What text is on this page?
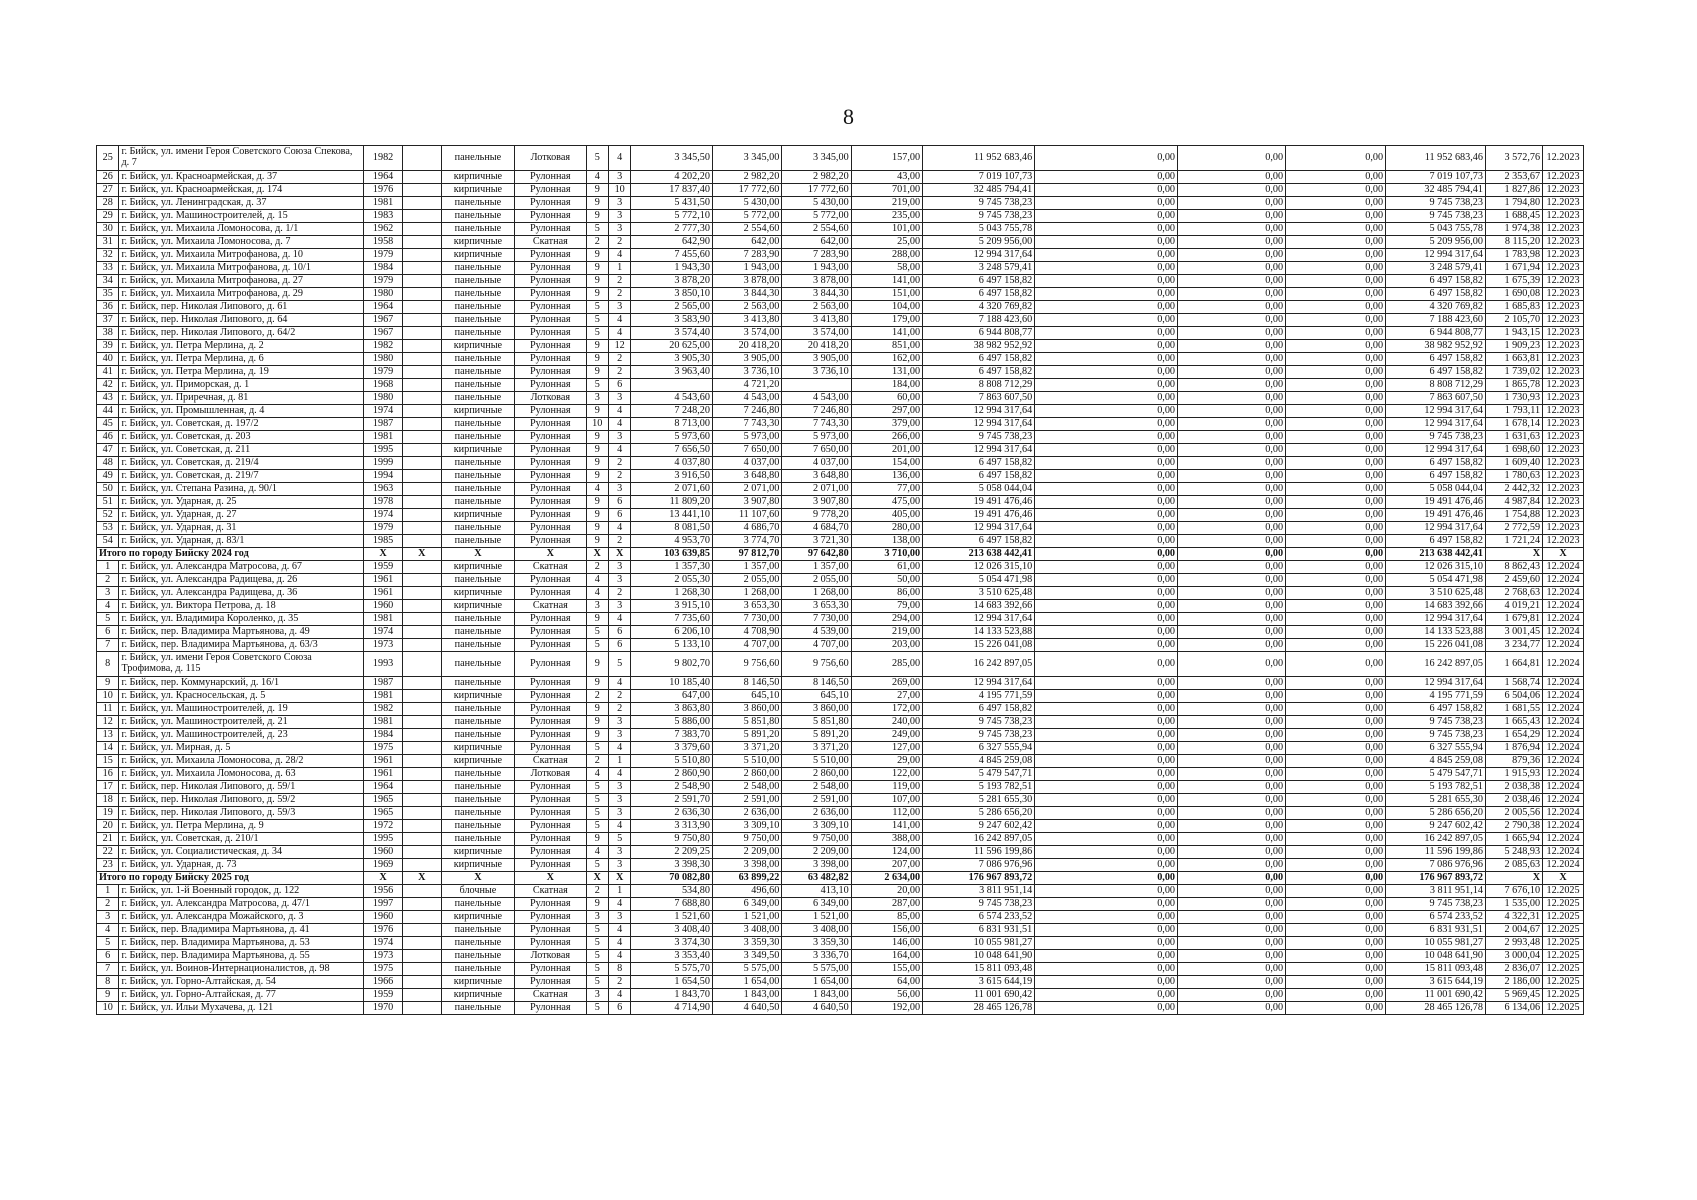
8
25	г. Бийск, ул. имени Героя Советского Союза Спекова, д. 7	1982		панельные	Лотковая	5	4	3 345,50	3 345,00	3 345,00	157,00	11 952 683,46	0,00	0,00	0,00	11 952 683,46	3 572,76	12.2023
26	г. Бийск, ул. Красноармейская, д. 37	1964		кирпичные	Рулонная	4	3	4 202,20	2 982,20	2 982,20	43,00	7 019 107,73	0,00	0,00	0,00	7 019 107,73	2 353,67	12.2023
27	г. Бийск, ул. Красноармейская, д. 174	1976		кирпичные	Рулонная	9	10	17 837,40	17 772,60	17 772,60	701,00	32 485 794,41	0,00	0,00	0,00	32 485 794,41	1 827,86	12.2023
28	г. Бийск, ул. Ленинградская, д. 37	1981		панельные	Рулонная	9	3	5 431,50	5 430,00	5 430,00	219,00	9 745 738,23	0,00	0,00	0,00	9 745 738,23	1 794,80	12.2023
29	г. Бийск, ул. Машиностроителей, д. 15	1983		панельные	Рулонная	9	3	5 772,10	5 772,00	5 772,00	235,00	9 745 738,23	0,00	0,00	0,00	9 745 738,23	1 688,45	12.2023
30	г. Бийск, ул. Михаила Ломоносова, д. 1/1	1962		панельные	Рулонная	5	3	2 777,30	2 554,60	2 554,60	101,00	5 043 755,78	0,00	0,00	0,00	5 043 755,78	1 974,38	12.2023
31	г. Бийск, ул. Михаила Ломоносова, д. 7	1958		кирпичные	Скатная	2	2	642,90	642,00	642,00	25,00	5 209 956,00	0,00	0,00	0,00	5 209 956,00	8 115,20	12.2023
32	г. Бийск, ул. Михаила Митрофанова, д. 10	1979		кирпичные	Рулонная	9	4	7 455,60	7 283,90	7 283,90	288,00	12 994 317,64	0,00	0,00	0,00	12 994 317,64	1 783,98	12.2023
33	г. Бийск, ул. Михаила Митрофанова, д. 10/1	1984		панельные	Рулонная	9	1	1 943,30	1 943,00	1 943,00	58,00	3 248 579,41	0,00	0,00	0,00	3 248 579,41	1 671,94	12.2023
34	г. Бийск, ул. Михаила Митрофанова, д. 27	1979		панельные	Рулонная	9	2	3 878,20	3 878,00	3 878,00	141,00	6 497 158,82	0,00	0,00	0,00	6 497 158,82	1 675,39	12.2023
35	г. Бийск, ул. Михаила Митрофанова, д. 29	1980		панельные	Рулонная	9	2	3 850,10	3 844,30	3 844,30	151,00	6 497 158,82	0,00	0,00	0,00	6 497 158,82	1 690,08	12.2023
36	г. Бийск, пер. Николая Липового, д. 61	1964		панельные	Рулонная	5	3	2 565,00	2 563,00	2 563,00	104,00	4 320 769,82	0,00	0,00	0,00	4 320 769,82	1 685,83	12.2023
37	г. Бийск, пер. Николая Липового, д. 64	1967		панельные	Рулонная	5	4	3 583,90	3 413,80	3 413,80	179,00	7 188 423,60	0,00	0,00	0,00	7 188 423,60	2 105,70	12.2023
38	г. Бийск, пер. Николая Липового, д. 64/2	1967		панельные	Рулонная	5	4	3 574,40	3 574,00	3 574,00	141,00	6 944 808,77	0,00	0,00	0,00	6 944 808,77	1 943,15	12.2023
39	г. Бийск, ул. Петра Мерлина, д. 2	1982		кирпичные	Рулонная	9	12	20 625,00	20 418,20	20 418,20	851,00	38 982 952,92	0,00	0,00	0,00	38 982 952,92	1 909,23	12.2023
40	г. Бийск, ул. Петра Мерлина, д. 6	1980		панельные	Рулонная	9	2	3 905,30	3 905,00	3 905,00	162,00	6 497 158,82	0,00	0,00	0,00	6 497 158,82	1 663,81	12.2023
41	г. Бийск, ул. Петра Мерлина, д. 19	1979		панельные	Рулонная	9	2	3 963,40	3 736,10	3 736,10	131,00	6 497 158,82	0,00	0,00	0,00	6 497 158,82	1 739,02	12.2023
42	г. Бийск, ул. Приморская, д. 1	1968		панельные	Рулонная	5	6		4 721,20		184,00	8 808 712,29	0,00	0,00	0,00	8 808 712,29	1 865,78	12.2023
43	г. Бийск, ул. Приречная, д. 81	1980		панельные	Лотковая	3	3	4 543,60	4 543,00	4 543,00	60,00	7 863 607,50	0,00	0,00	0,00	7 863 607,50	1 730,93	12.2023
44	г. Бийск, ул. Промышленная, д. 4	1974		кирпичные	Рулонная	9	4	7 248,20	7 246,80	7 246,80	297,00	12 994 317,64	0,00	0,00	0,00	12 994 317,64	1 793,11	12.2023
45	г. Бийск, ул. Советская, д. 197/2	1987		панельные	Рулонная	10	4	8 713,00	7 743,30	7 743,30	379,00	12 994 317,64	0,00	0,00	0,00	12 994 317,64	1 678,14	12.2023
46	г. Бийск, ул. Советская, д. 203	1981		панельные	Рулонная	9	3	5 973,60	5 973,00	5 973,00	266,00	9 745 738,23	0,00	0,00	0,00	9 745 738,23	1 631,63	12.2023
47	г. Бийск, ул. Советская, д. 211	1995		кирпичные	Рулонная	9	4	7 656,50	7 650,00	7 650,00	201,00	12 994 317,64	0,00	0,00	0,00	12 994 317,64	1 698,60	12.2023
48	г. Бийск, ул. Советская, д. 219/4	1999		панельные	Рулонная	9	2	4 037,80	4 037,00	4 037,00	154,00	6 497 158,82	0,00	0,00	0,00	6 497 158,82	1 609,40	12.2023
49	г. Бийск, ул. Советская, д. 219/7	1994		панельные	Рулонная	9	2	3 916,50	3 648,80	3 648,80	136,00	6 497 158,82	0,00	0,00	0,00	6 497 158,82	1 780,63	12.2023
50	г. Бийск, ул. Степана Разина, д. 90/1	1963		панельные	Рулонная	4	3	2 071,60	2 071,00	2 071,00	77,00	5 058 044,04	0,00	0,00	0,00	5 058 044,04	2 442,32	12.2023
51	г. Бийск, ул. Ударная, д. 25	1978		панельные	Рулонная	9	6	11 809,20	3 907,80	3 907,80	475,00	19 491 476,46	0,00	0,00	0,00	19 491 476,46	4 987,84	12.2023
52	г. Бийск, ул. Ударная, д. 27	1974		кирпичные	Рулонная	9	6	13 441,10	11 107,60	9 778,20	405,00	19 491 476,46	0,00	0,00	0,00	19 491 476,46	1 754,88	12.2023
53	г. Бийск, ул. Ударная, д. 31	1979		панельные	Рулонная	9	4	8 081,50	4 686,70	4 684,70	280,00	12 994 317,64	0,00	0,00	0,00	12 994 317,64	2 772,59	12.2023
54	г. Бийск, ул. Ударная, д. 83/1	1985		панельные	Рулонная	9	2	4 953,70	3 774,70	3 721,30	138,00	6 497 158,82	0,00	0,00	0,00	6 497 158,82	1 721,24	12.2023
Итого по городу Бийску 2024 год		X	X	X	X	X	X	103 639,85	97 812,70	97 642,80	3 710,00	213 638 442,41	0,00	0,00	0,00	213 638 442,41	X	X
1	г. Бийск, ул. Александра Матросова, д. 67	1959		кирпичные	Скатная	2	3	1 357,30	1 357,00	1 357,00	61,00	12 026 315,10	0,00	0,00	0,00	12 026 315,10	8 862,43	12.2024
2	г. Бийск, ул. Александра Радищева, д. 26	1961		панельные	Рулонная	4	3	2 055,30	2 055,00	2 055,00	50,00	5 054 471,98	0,00	0,00	0,00	5 054 471,98	2 459,60	12.2024
3	г. Бийск, ул. Александра Радищева, д. 36	1961		кирпичные	Рулонная	4	2	1 268,30	1 268,00	1 268,00	86,00	3 510 625,48	0,00	0,00	0,00	3 510 625,48	2 768,63	12.2024
4	г. Бийск, ул. Виктора Петрова, д. 18	1960		кирпичные	Скатная	3	3	3 915,10	3 653,30	3 653,30	79,00	14 683 392,66	0,00	0,00	0,00	14 683 392,66	4 019,21	12.2024
5	г. Бийск, ул. Владимира Короленко, д. 35	1981		панельные	Рулонная	9	4	7 735,60	7 730,00	7 730,00	294,00	12 994 317,64	0,00	0,00	0,00	12 994 317,64	1 679,81	12.2024
6	г. Бийск, пер. Владимира Мартьянова, д. 49	1974		панельные	Рулонная	5	6	6 206,10	4 708,90	4 539,00	219,00	14 133 523,88	0,00	0,00	0,00	14 133 523,88	3 001,45	12.2024
7	г. Бийск, пер. Владимира Мартьянова, д. 63/3	1973		панельные	Рулонная	5	6	5 133,10	4 707,00	4 707,00	203,00	15 226 041,08	0,00	0,00	0,00	15 226 041,08	3 234,77	12.2024
8	г. Бийск, ул. имени Героя Советского Союза Трофимова, д. 115	1993		панельные	Рулонная	9	5	9 802,70	9 756,60	9 756,60	285,00	16 242 897,05	0,00	0,00	0,00	16 242 897,05	1 664,81	12.2024
9	г. Бийск, пер. Коммунарский, д. 16/1	1987		панельные	Рулонная	9	4	10 185,40	8 146,50	8 146,50	269,00	12 994 317,64	0,00	0,00	0,00	12 994 317,64	1 568,74	12.2024
10	г. Бийск, ул. Красносельская, д. 5	1981		кирпичные	Рулонная	2	2	647,00	645,10	645,10	27,00	4 195 771,59	0,00	0,00	0,00	4 195 771,59	6 504,06	12.2024
11	г. Бийск, ул. Машиностроителей, д. 19	1982		панельные	Рулонная	9	2	3 863,80	3 860,00	3 860,00	172,00	6 497 158,82	0,00	0,00	0,00	6 497 158,82	1 681,55	12.2024
12	г. Бийск, ул. Машиностроителей, д. 21	1981		панельные	Рулонная	9	3	5 886,00	5 851,80	5 851,80	240,00	9 745 738,23	0,00	0,00	0,00	9 745 738,23	1 665,43	12.2024
13	г. Бийск, ул. Машиностроителей, д. 23	1984		панельные	Рулонная	9	3	7 383,70	5 891,20	5 891,20	249,00	9 745 738,23	0,00	0,00	0,00	9 745 738,23	1 654,29	12.2024
14	г. Бийск, ул. Мирная, д. 5	1975		кирпичные	Рулонная	5	4	3 379,60	3 371,20	3 371,20	127,00	6 327 555,94	0,00	0,00	0,00	6 327 555,94	1 876,94	12.2024
15	г. Бийск, ул. Михаила Ломоносова, д. 28/2	1961		кирпичные	Скатная	2	1	5 510,80	5 510,00	5 510,00	29,00	4 845 259,08	0,00	0,00	0,00	4 845 259,08	879,36	12.2024
16	г. Бийск, ул. Михаила Ломоносова, д. 63	1961		панельные	Лотковая	4	4	2 860,90	2 860,00	2 860,00	122,00	5 479 547,71	0,00	0,00	0,00	5 479 547,71	1 915,93	12.2024
17	г. Бийск, пер. Николая Липового, д. 59/1	1964		панельные	Рулонная	5	3	2 548,90	2 548,00	2 548,00	119,00	5 193 782,51	0,00	0,00	0,00	5 193 782,51	2 038,38	12.2024
18	г. Бийск, пер. Николая Липового, д. 59/2	1965		панельные	Рулонная	5	3	2 591,70	2 591,00	2 591,00	107,00	5 281 655,30	0,00	0,00	0,00	5 281 655,30	2 038,46	12.2024
19	г. Бийск, пер. Николая Липового, д. 59/3	1965		панельные	Рулонная	5	3	2 636,30	2 636,00	2 636,00	112,00	5 286 656,20	0,00	0,00	0,00	5 286 656,20	2 005,56	12.2024
20	г. Бийск, ул. Петра Мерлина, д. 9	1972		панельные	Рулонная	5	4	3 313,90	3 309,10	3 309,10	141,00	9 247 602,42	0,00	0,00	0,00	9 247 602,42	2 790,38	12.2024
21	г. Бийск, ул. Советская, д. 210/1	1995		панельные	Рулонная	9	5	9 750,80	9 750,00	9 750,00	388,00	16 242 897,05	0,00	0,00	0,00	16 242 897,05	1 665,94	12.2024
22	г. Бийск, ул. Социалистическая, д. 34	1960		кирпичные	Рулонная	4	3	2 209,25	2 209,00	2 209,00	124,00	11 596 199,86	0,00	0,00	0,00	11 596 199,86	5 248,93	12.2024
23	г. Бийск, ул. Ударная, д. 73	1969		кирпичные	Рулонная	5	3	3 398,30	3 398,00	3 398,00	207,00	7 086 976,96	0,00	0,00	0,00	7 086 976,96	2 085,63	12.2024
Итого по городу Бийску 2025 год		X	X	X	X	X	X	70 082,80	63 899,22	63 482,82	2 634,00	176 967 893,72	0,00	0,00	0,00	176 967 893,72	X	X
1	г. Бийск, ул. 1-й Военный городок, д. 122	1956		блочные	Скатная	2	1	534,80	496,60	413,10	20,00	3 811 951,14	0,00	0,00	0,00	3 811 951,14	7 676,10	12.2025
2	г. Бийск, ул. Александра Матросова, д. 47/1	1997		панельные	Рулонная	9	4	7 688,80	6 349,00	6 349,00	287,00	9 745 738,23	0,00	0,00	0,00	9 745 738,23	1 535,00	12.2025
3	г. Бийск, ул. Александра Можайского, д. 3	1960		кирпичные	Рулонная	3	3	1 521,60	1 521,00	1 521,00	85,00	6 574 233,52	0,00	0,00	0,00	6 574 233,52	4 322,31	12.2025
4	г. Бийск, пер. Владимира Мартьянова, д. 41	1976		панельные	Рулонная	5	4	3 408,40	3 408,00	3 408,00	156,00	6 831 931,51	0,00	0,00	0,00	6 831 931,51	2 004,67	12.2025
5	г. Бийск, пер. Владимира Мартьянова, д. 53	1974		панельные	Рулонная	5	4	3 374,30	3 359,30	3 359,30	146,00	10 055 981,27	0,00	0,00	0,00	10 055 981,27	2 993,48	12.2025
6	г. Бийск, пер. Владимира Мартьянова, д. 55	1973		панельные	Лотковая	5	4	3 353,40	3 349,50	3 336,70	164,00	10 048 641,90	0,00	0,00	0,00	10 048 641,90	3 000,04	12.2025
7	г. Бийск, ул. Воинов-Интернационалистов, д. 98	1975		панельные	Рулонная	5	8	5 575,70	5 575,00	5 575,00	155,00	15 811 093,48	0,00	0,00	0,00	15 811 093,48	2 836,07	12.2025
8	г. Бийск, ул. Горно-Алтайская, д. 54	1966		кирпичные	Рулонная	5	2	1 654,50	1 654,00	1 654,00	64,00	3 615 644,19	0,00	0,00	0,00	3 615 644,19	2 186,00	12.2025
9	г. Бийск, ул. Горно-Алтайская, д. 77	1959		кирпичные	Скатная	3	4	1 843,70	1 843,00	1 843,00	56,00	11 001 690,42	0,00	0,00	0,00	11 001 690,42	5 969,45	12.2025
10	г. Бийск, ул. Ильи Мухачева, д. 121	1970		панельные	Рулонная	5	6	4 714,90	4 640,50	4 640,50	192,00	28 465 126,78	0,00	0,00	0,00	28 465 126,78	6 134,06	12.2025
